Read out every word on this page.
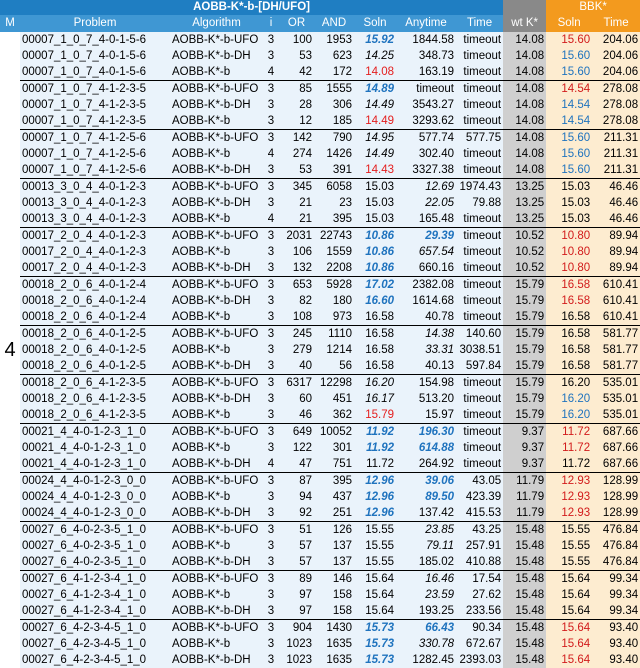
AOBB-K*-b-[DH/UFO]										BBK*	
M	Problem	Algorithm	i	OR	AND	Soln	Anytime	Time	wt K*	Soln	Time
4	00007_1_0_7_4-0-1-5-6	AOBB-K*-b-UFO	3	100	1953	15.92	1844.58	timeout	14.08	15.60	204.06
	00007_1_0_7_4-0-1-5-6	AOBB-K*-b-DH	3	53	623	14.25	348.73	timeout	14.08	15.60	204.06
	00007_1_0_7_4-0-1-5-6	AOBB-K*-b	4	42	172	14.08	163.19	timeout	14.08	15.60	204.06
	00007_1_0_7_4-1-2-3-5	AOBB-K*-b-UFO	3	85	1555	14.89	timeout	timeout	14.08	14.54	278.08
	00007_1_0_7_4-1-2-3-5	AOBB-K*-b-DH	3	28	306	14.49	3543.27	timeout	14.08	14.54	278.08
	00007_1_0_7_4-1-2-3-5	AOBB-K*-b	3	12	185	14.49	3293.62	timeout	14.08	14.54	278.08
	00007_1_0_7_4-1-2-5-6	AOBB-K*-b-UFO	3	142	790	14.95	577.74	577.75	14.08	15.60	211.31
	00007_1_0_7_4-1-2-5-6	AOBB-K*-b	4	274	1426	14.49	302.40	timeout	14.08	15.60	211.31
	00007_1_0_7_4-1-2-5-6	AOBB-K*-b-DH	3	53	391	14.43	3327.38	timeout	14.08	15.60	211.31
	00013_3_0_4_4-0-1-2-3	AOBB-K*-b-UFO	3	345	6058	15.03	12.69	1974.43	13.25	15.03	46.46
	00013_3_0_4_4-0-1-2-3	AOBB-K*-b-DH	3	21	23	15.03	22.05	79.88	13.25	15.03	46.46
	00013_3_0_4_4-0-1-2-3	AOBB-K*-b	4	21	395	15.03	165.48	timeout	13.25	15.03	46.46
	00017_2_0_4_4-0-1-2-3	AOBB-K*-b-UFO	3	2031	22743	10.86	29.39	timeout	10.52	10.80	89.94
	00017_2_0_4_4-0-1-2-3	AOBB-K*-b	3	106	1559	10.86	657.54	timeout	10.52	10.80	89.94
	00017_2_0_4_4-0-1-2-3	AOBB-K*-b-DH	3	132	2208	10.86	660.16	timeout	10.52	10.80	89.94
	00018_2_0_6_4-0-1-2-4	AOBB-K*-b-UFO	3	653	5928	17.02	2382.08	timeout	15.79	16.58	610.41
	00018_2_0_6_4-0-1-2-4	AOBB-K*-b-DH	3	82	180	16.60	1614.68	timeout	15.79	16.58	610.41
	00018_2_0_6_4-0-1-2-4	AOBB-K*-b	3	108	973	16.58	40.78	timeout	15.79	16.58	610.41
	00018_2_0_6_4-0-1-2-5	AOBB-K*-b-UFO	3	245	1110	16.58	14.38	140.60	15.79	16.58	581.77
	00018_2_0_6_4-0-1-2-5	AOBB-K*-b	3	279	1214	16.58	33.31	3038.51	15.79	16.58	581.77
	00018_2_0_6_4-0-1-2-5	AOBB-K*-b-DH	3	40	56	16.58	40.13	597.84	15.79	16.58	581.77
	00018_2_0_6_4-1-2-3-5	AOBB-K*-b-UFO	3	6317	12298	16.20	154.98	timeout	15.79	16.20	535.01
	00018_2_0_6_4-1-2-3-5	AOBB-K*-b-DH	3	60	451	16.17	513.20	timeout	15.79	16.20	535.01
	00018_2_0_6_4-1-2-3-5	AOBB-K*-b	3	46	362	15.79	15.97	timeout	15.79	16.20	535.01
	00021_4_4-0-1-2-3_1_0	AOBB-K*-b-UFO	3	649	10052	11.92	196.30	timeout	9.37	11.72	687.66
	00021_4_4-0-1-2-3_1_0	AOBB-K*-b	3	122	301	11.92	614.88	timeout	9.37	11.72	687.66
	00021_4_4-0-1-2-3_1_0	AOBB-K*-b-DH	4	47	751	11.72	264.92	timeout	9.37	11.72	687.66
	00024_4_4-0-1-2-3_0_0	AOBB-K*-b-UFO	3	87	395	12.96	39.06	43.05	11.79	12.93	128.99
	00024_4_4-0-1-2-3_0_0	AOBB-K*-b	3	94	437	12.96	89.50	423.39	11.79	12.93	128.99
	00024_4_4-0-1-2-3_0_0	AOBB-K*-b-DH	3	92	251	12.96	137.42	415.53	11.79	12.93	128.99
	00027_6_4-0-2-3-5_1_0	AOBB-K*-b-UFO	3	51	126	15.55	23.85	43.25	15.48	15.55	476.84
	00027_6_4-0-2-3-5_1_0	AOBB-K*-b	3	57	137	15.55	79.11	257.91	15.48	15.55	476.84
	00027_6_4-0-2-3-5_1_0	AOBB-K*-b-DH	3	57	137	15.55	185.02	410.88	15.48	15.55	476.84
	00027_6_4-1-2-3-4_1_0	AOBB-K*-b-UFO	3	89	146	15.64	16.46	17.54	15.48	15.64	99.34
	00027_6_4-1-2-3-4_1_0	AOBB-K*-b	3	97	158	15.64	23.59	27.62	15.48	15.64	99.34
	00027_6_4-1-2-3-4_1_0	AOBB-K*-b-DH	3	97	158	15.64	193.25	233.56	15.48	15.64	99.34
	00027_6_4-2-3-4-5_1_0	AOBB-K*-b-UFO	3	904	1430	15.73	66.43	90.34	15.48	15.64	93.40
	00027_6_4-2-3-4-5_1_0	AOBB-K*-b	3	1023	1635	15.73	330.78	672.67	15.48	15.64	93.40
	00027_6_4-2-3-4-5_1_0	AOBB-K*-b-DH	3	1023	1635	15.73	1282.45	2393.03	15.48	15.64	93.40
